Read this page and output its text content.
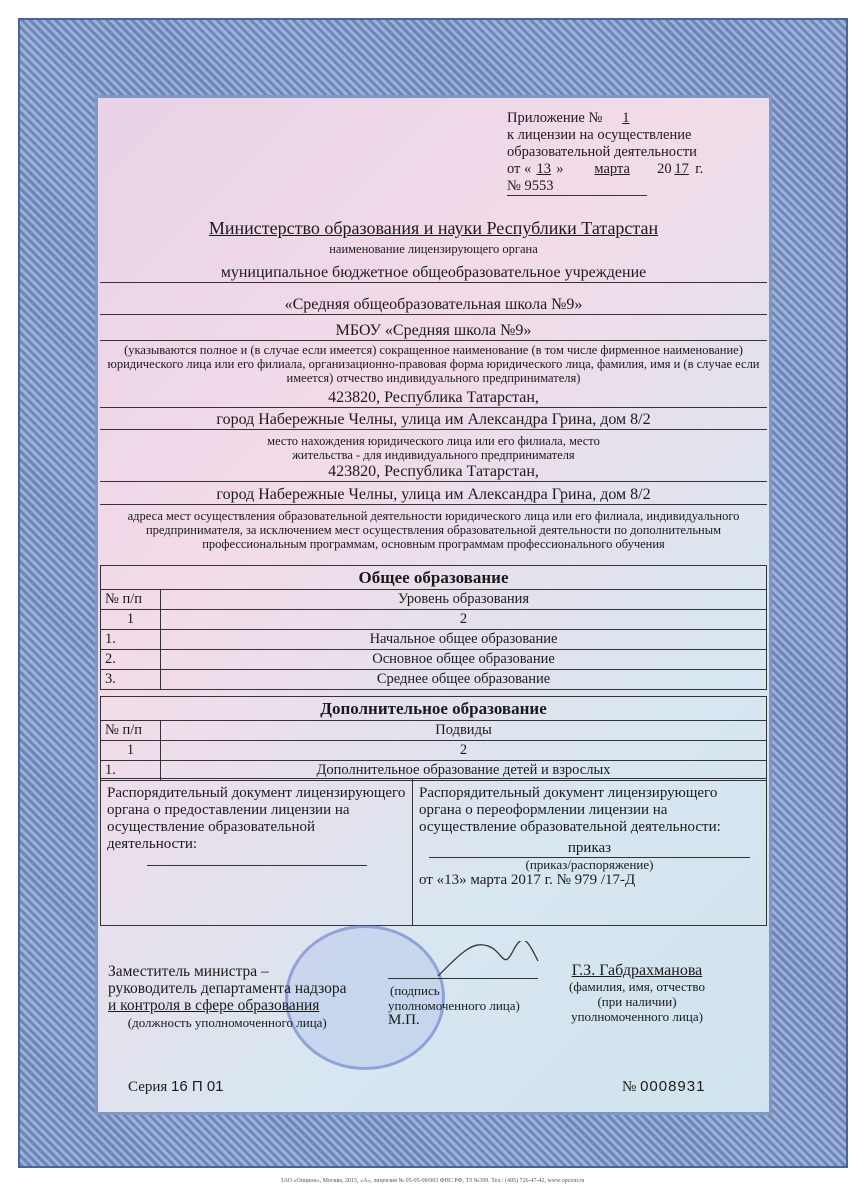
Приложение № 1
к лицензии на осуществление
образовательной деятельности
от « 13 » марта 20 17 г.
№ 9553
Министерство образования и науки Республики Татарстан
наименование лицензирующего органа
муниципальное бюджетное общеобразовательное учреждение
«Средняя общеобразовательная школа №9»
МБОУ «Средняя школа №9»
(указываются полное и (в случае если имеется) сокращенное наименование (в том числе фирменное наименование) юридического лица или его филиала, организационно-правовая форма юридического лица, фамилия, имя и (в случае если имеется) отчество индивидуального предпринимателя)
423820, Республика Татарстан,
город Набережные Челны, улица им Александра Грина, дом 8/2
место нахождения юридического лица или его филиала, место жительства - для индивидуального предпринимателя
423820, Республика Татарстан,
город Набережные Челны, улица им Александра Грина, дом 8/2
адреса мест осуществления образовательной деятельности юридического лица или его филиала, индивидуального предпринимателя, за исключением мест осуществления образовательной деятельности по дополнительным профессиональным программам, основным программам профессионального обучения
Общее образование	
№ п/п	Уровень образования
1	2
1.	Начальное общее образование
2.	Основное общее образование
3.	Среднее общее образование
Дополнительное образование	
№ п/п	Подвиды
1	2
1.	Дополнительное образование детей и взрослых
Распорядительный документ лицензирующего органа о предоставлении лицензии на осуществление образовательной деятельности:
Распорядительный документ лицензирующего органа о переоформлении лицензии на осуществление образовательной деятельности:
приказ
(приказ/распоряжение)
от «13» марта 2017 г. № 979 /17-Д
Заместитель министра –
руководитель департамента надзора
и контроля в сфере образования
(должность уполномоченного лица)
(подпись
уполномоченного лица)
М.П.
Г.З. Габдрахманова
(фамилия, имя, отчество
(при наличии)
уполномоченного лица)
Серия 16 П 01	№ 0008931
ЗАО «Опцион», Москва, 2015, «А», лицензия № 05-05-09/003 ФНС РФ, ТЗ №399. Тел.: (495) 726-47-42, www.opcion.ru
